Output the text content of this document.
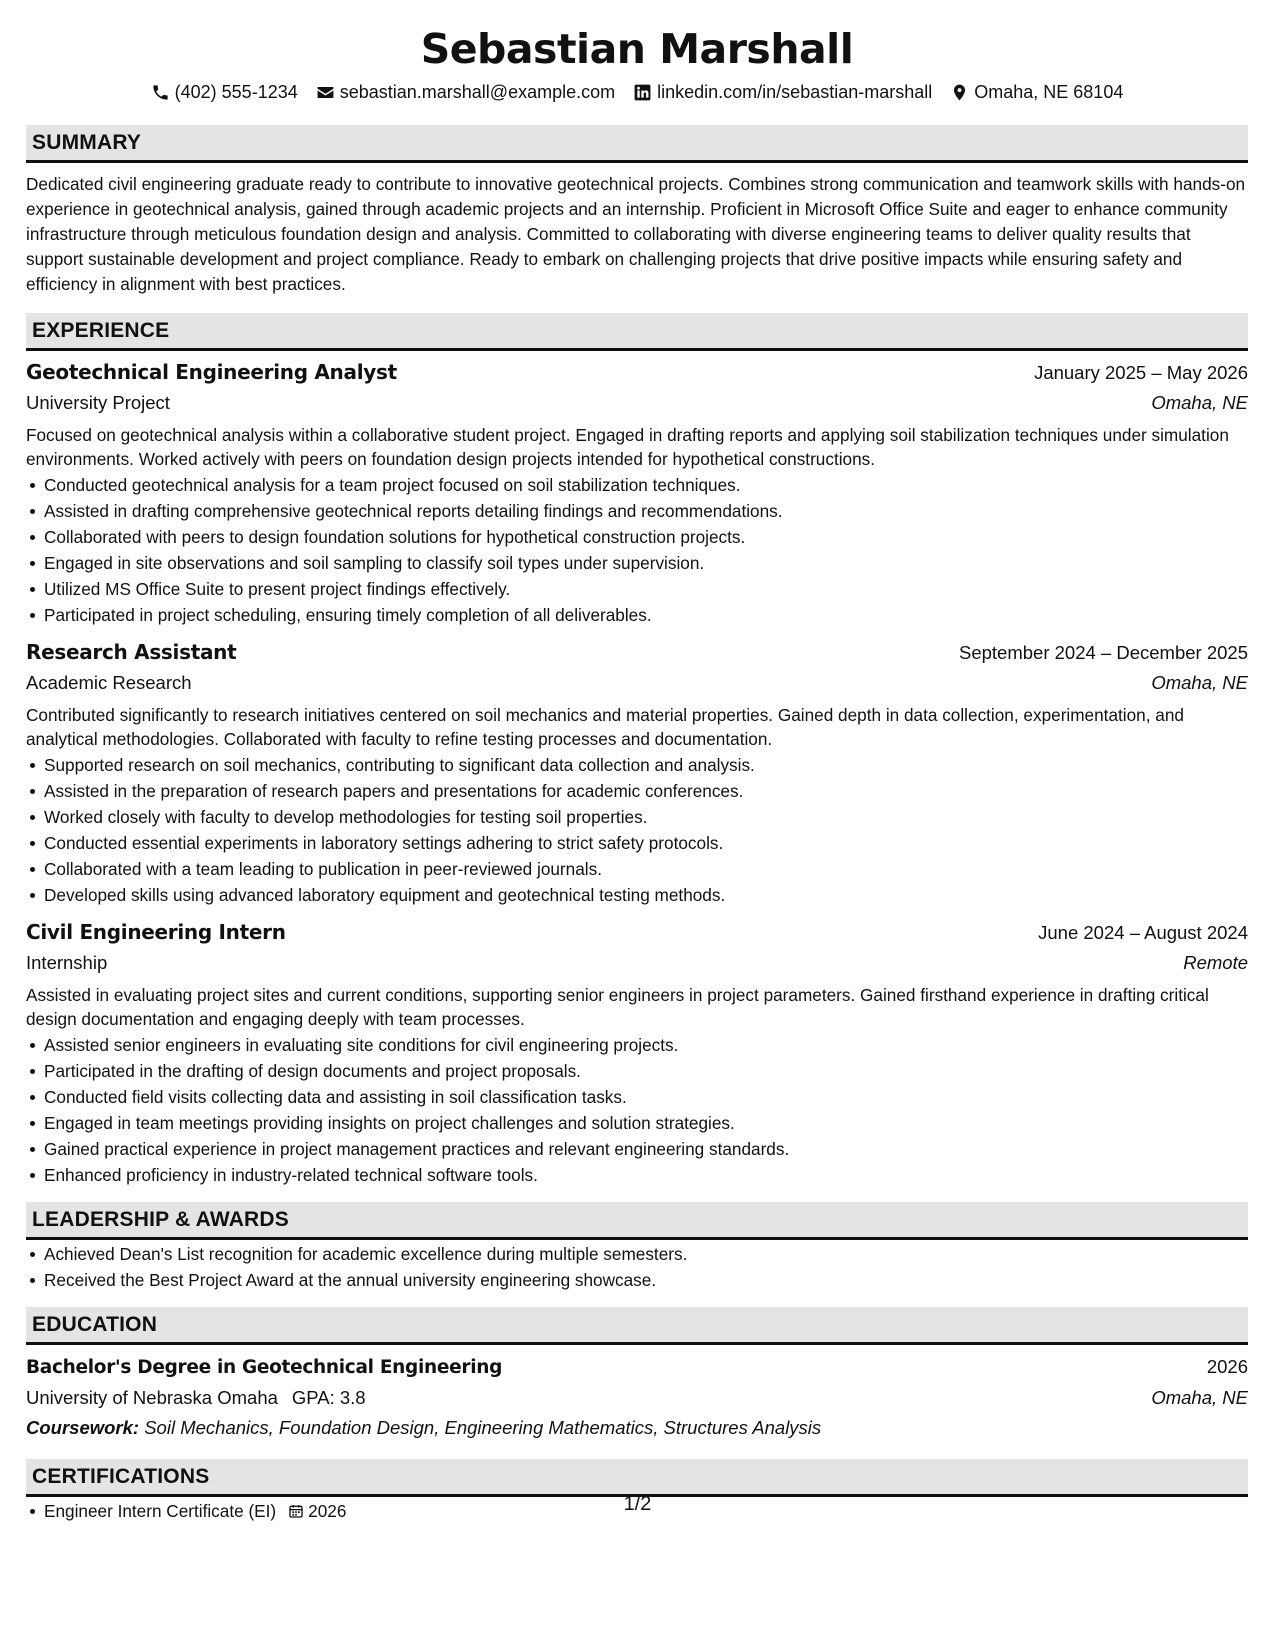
Sebastian Marshall
(402) 555-1234 sebastian.marshall@example.com linkedin.com/in/sebastian-marshall Omaha, NE 68104
SUMMARY
Dedicated civil engineering graduate ready to contribute to innovative geotechnical projects. Combines strong communication and teamwork skills with hands-on experience in geotechnical analysis, gained through academic projects and an internship. Proficient in Microsoft Office Suite and eager to enhance community infrastructure through meticulous foundation design and analysis. Committed to collaborating with diverse engineering teams to deliver quality results that support sustainable development and project compliance. Ready to embark on challenging projects that drive positive impacts while ensuring safety and efficiency in alignment with best practices.
EXPERIENCE
Geotechnical Engineering Analyst	January 2025 – May 2026
University Project	Omaha, NE
Focused on geotechnical analysis within a collaborative student project. Engaged in drafting reports and applying soil stabilization techniques under simulation environments. Worked actively with peers on foundation design projects intended for hypothetical constructions.
Conducted geotechnical analysis for a team project focused on soil stabilization techniques.
Assisted in drafting comprehensive geotechnical reports detailing findings and recommendations.
Collaborated with peers to design foundation solutions for hypothetical construction projects.
Engaged in site observations and soil sampling to classify soil types under supervision.
Utilized MS Office Suite to present project findings effectively.
Participated in project scheduling, ensuring timely completion of all deliverables.
Research Assistant	September 2024 – December 2025
Academic Research	Omaha, NE
Contributed significantly to research initiatives centered on soil mechanics and material properties. Gained depth in data collection, experimentation, and analytical methodologies. Collaborated with faculty to refine testing processes and documentation.
Supported research on soil mechanics, contributing to significant data collection and analysis.
Assisted in the preparation of research papers and presentations for academic conferences.
Worked closely with faculty to develop methodologies for testing soil properties.
Conducted essential experiments in laboratory settings adhering to strict safety protocols.
Collaborated with a team leading to publication in peer-reviewed journals.
Developed skills using advanced laboratory equipment and geotechnical testing methods.
Civil Engineering Intern	June 2024 – August 2024
Internship	Remote
Assisted in evaluating project sites and current conditions, supporting senior engineers in project parameters. Gained firsthand experience in drafting critical design documentation and engaging deeply with team processes.
Assisted senior engineers in evaluating site conditions for civil engineering projects.
Participated in the drafting of design documents and project proposals.
Conducted field visits collecting data and assisting in soil classification tasks.
Engaged in team meetings providing insights on project challenges and solution strategies.
Gained practical experience in project management practices and relevant engineering standards.
Enhanced proficiency in industry-related technical software tools.
LEADERSHIP & AWARDS
Achieved Dean's List recognition for academic excellence during multiple semesters.
Received the Best Project Award at the annual university engineering showcase.
EDUCATION
Bachelor's Degree in Geotechnical Engineering	2026
University of Nebraska Omaha GPA: 3.8	Omaha, NE
Coursework: Soil Mechanics, Foundation Design, Engineering Mathematics, Structures Analysis
CERTIFICATIONS
Engineer Intern Certificate (EI) 2026	1/2
